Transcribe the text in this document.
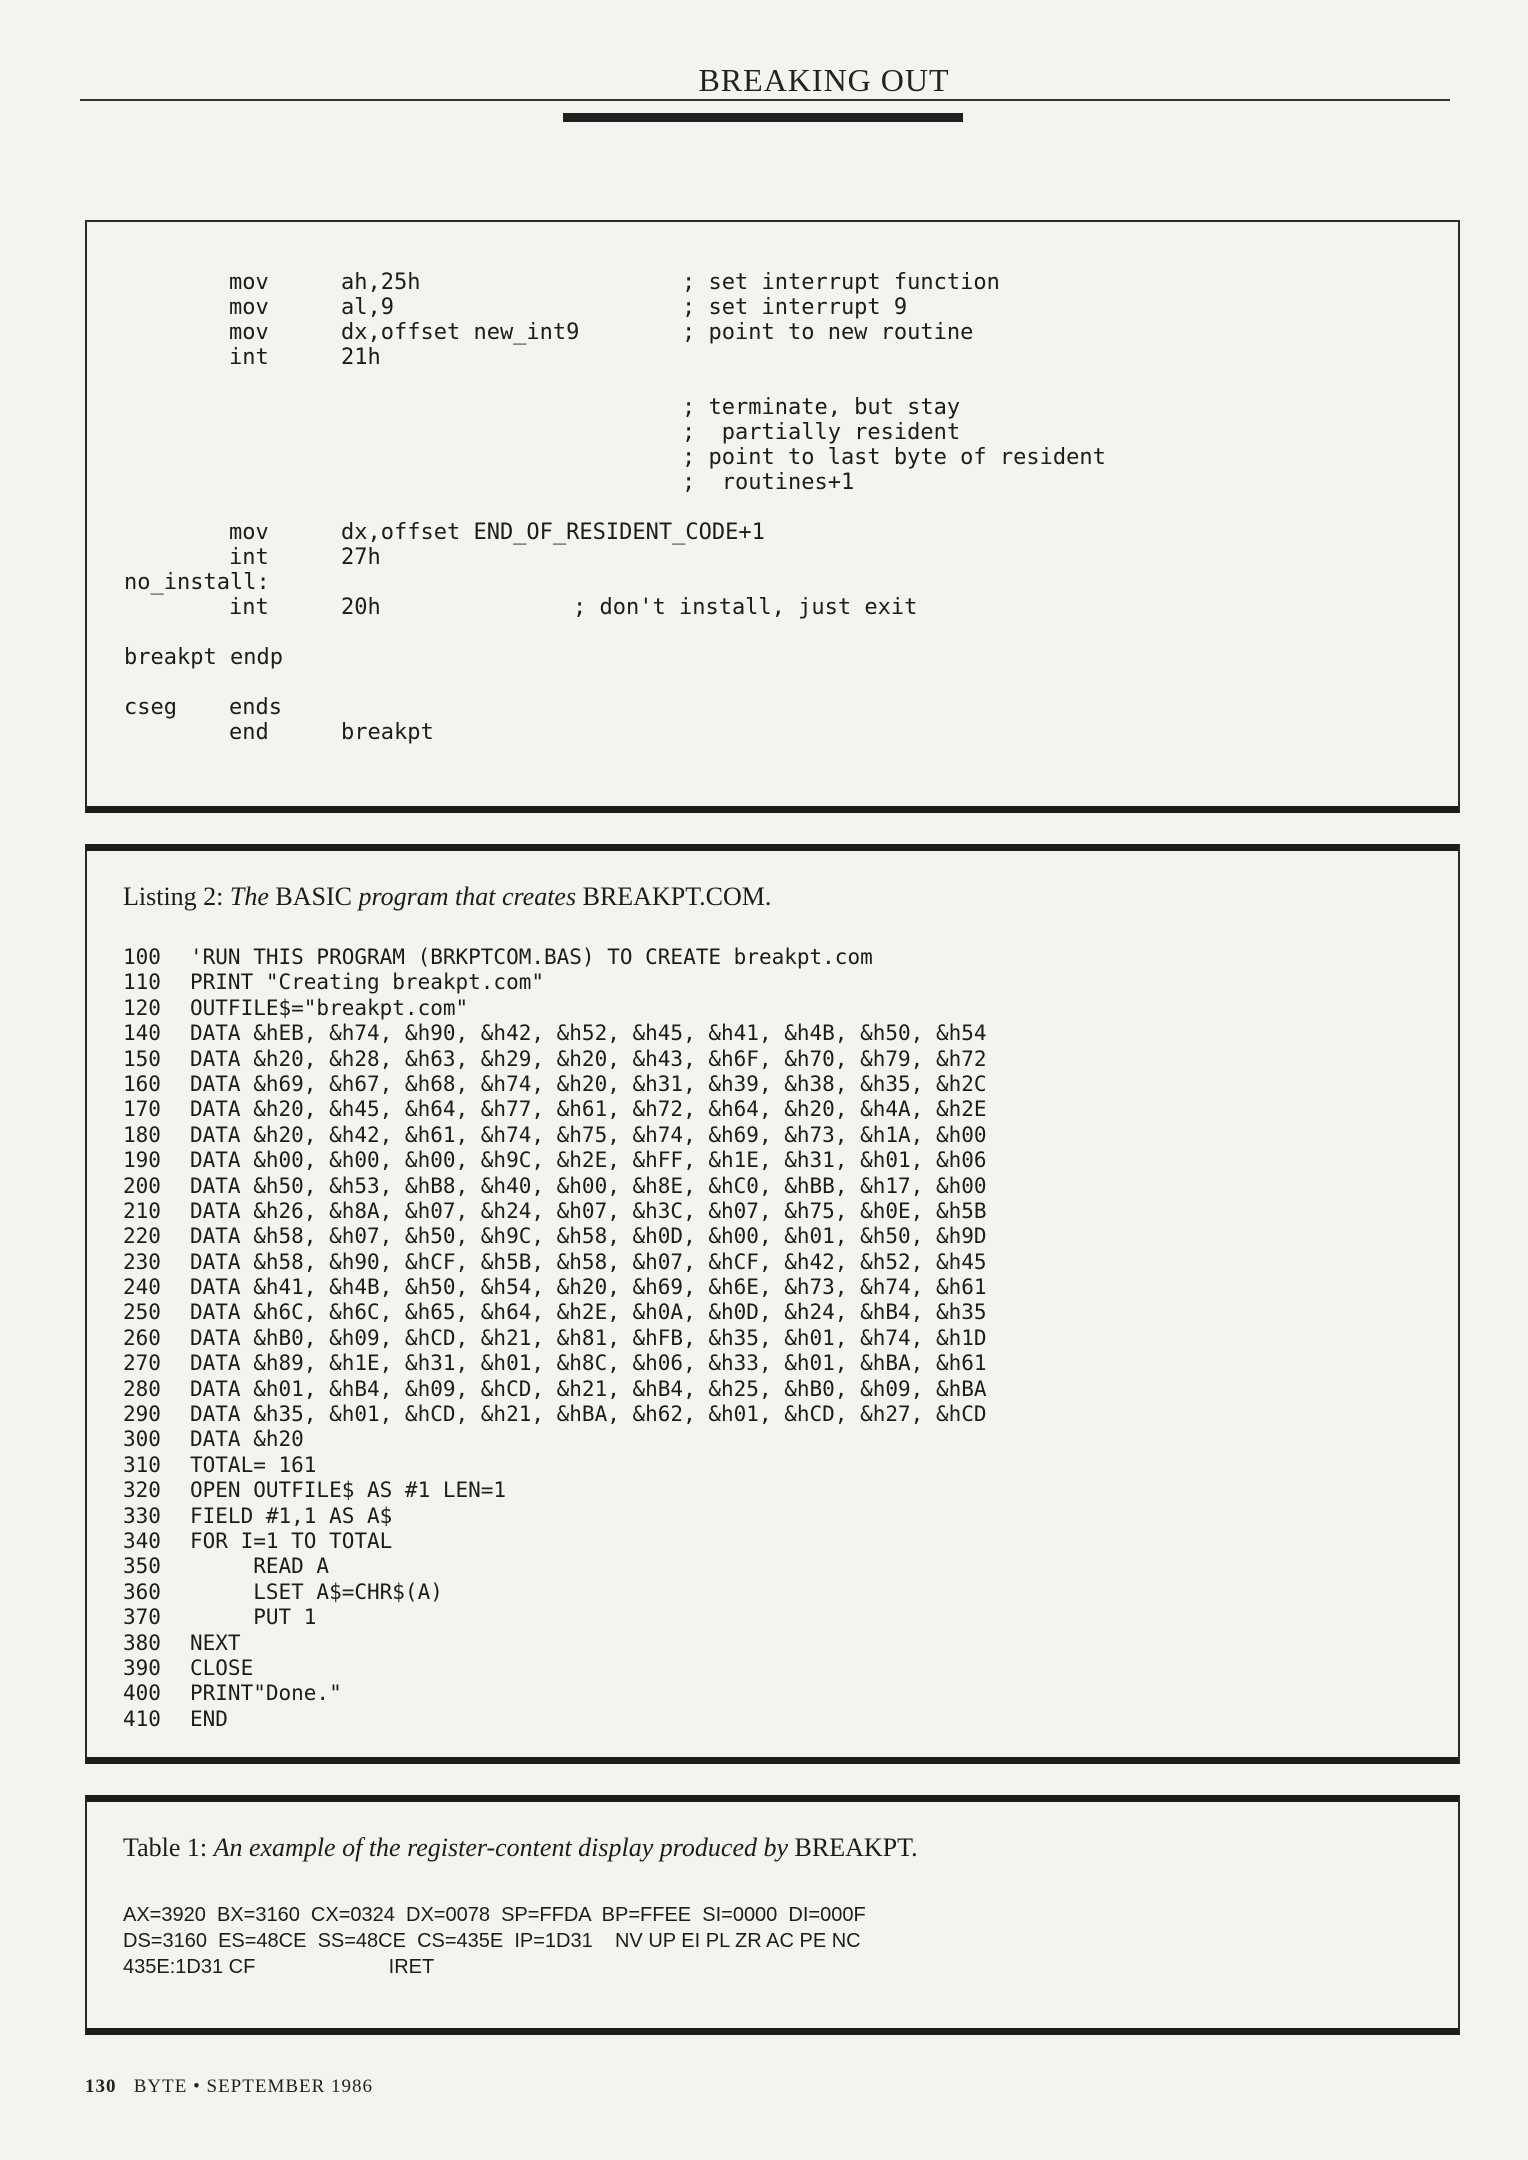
BREAKING OUT
mov	ah,25h	; set interrupt function
mov	al,9	; set interrupt 9
mov	dx,offset new_int9	; point to new routine
int	21h
; terminate, but stay
;  partially resident
; point to last byte of resident
;  routines+1
mov	dx,offset END_OF_RESIDENT_CODE+1
int	27h
no_install:
int	20h	; don't install, just exit
breakpt endp
cseg ends
end	breakpt
Listing 2: The BASIC program that creates BREAKPT.COM.
100 'RUN THIS PROGRAM (BRKPTCOM.BAS) TO CREATE breakpt.com
110 PRINT "Creating breakpt.com"
120 OUTFILE$="breakpt.com"
140 DATA &hEB, &h74, &h90, &h42, &h52, &h45, &h41, &h4B, &h50, &h54
150 DATA &h20, &h28, &h63, &h29, &h20, &h43, &h6F, &h70, &h79, &h72
160 DATA &h69, &h67, &h68, &h74, &h20, &h31, &h39, &h38, &h35, &h2C
170 DATA &h20, &h45, &h64, &h77, &h61, &h72, &h64, &h20, &h4A, &h2E
180 DATA &h20, &h42, &h61, &h74, &h75, &h74, &h69, &h73, &h1A, &h00
190 DATA &h00, &h00, &h00, &h9C, &h2E, &hFF, &h1E, &h31, &h01, &h06
200 DATA &h50, &h53, &hB8, &h40, &h00, &h8E, &hC0, &hBB, &h17, &h00
210 DATA &h26, &h8A, &h07, &h24, &h07, &h3C, &h07, &h75, &h0E, &h5B
220 DATA &h58, &h07, &h50, &h9C, &h58, &h0D, &h00, &h01, &h50, &h9D
230 DATA &h58, &h90, &hCF, &h5B, &h58, &h07, &hCF, &h42, &h52, &h45
240 DATA &h41, &h4B, &h50, &h54, &h20, &h69, &h6E, &h73, &h74, &h61
250 DATA &h6C, &h6C, &h65, &h64, &h2E, &h0A, &h0D, &h24, &hB4, &h35
260 DATA &hB0, &h09, &hCD, &h21, &h81, &hFB, &h35, &h01, &h74, &h1D
270 DATA &h89, &h1E, &h31, &h01, &h8C, &h06, &h33, &h01, &hBA, &h61
280 DATA &h01, &hB4, &h09, &hCD, &h21, &hB4, &h25, &hB0, &h09, &hBA
290 DATA &h35, &h01, &hCD, &h21, &hBA, &h62, &h01, &hCD, &h27, &hCD
300 DATA &h20
310 TOTAL= 161
320 OPEN OUTFILE$ AS #1 LEN=1
330 FIELD #1,1 AS A$
340 FOR I=1 TO TOTAL
350     READ A
360     LSET A$=CHR$(A)
370     PUT 1
380 NEXT
390 CLOSE
400 PRINT"Done."
410 END
Table 1: An example of the register-content display produced by BREAKPT.
AX=3920  BX=3160  CX=0324  DX=0078  SP=FFDA  BP=FFEE  SI=0000  DI=000F
DS=3160  ES=48CE  SS=48CE  CS=435E  IP=1D31    NV UP EI PL ZR AC PE NC
435E:1D31 CF                        IRET
130 BYTE • SEPTEMBER 1986
